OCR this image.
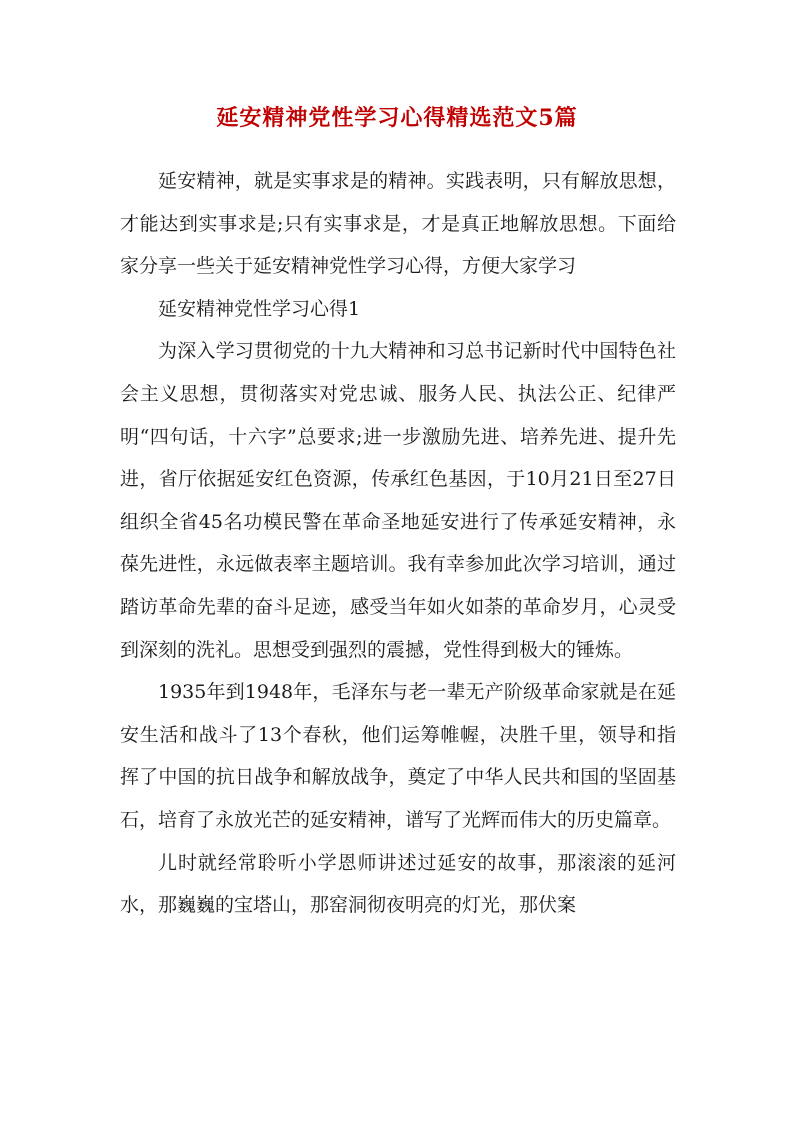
延安精神党性学习心得精选范文5篇

延安精神，就是实事求是的精神。实践表明，只有解放思想，才能达到实事求是;只有实事求是，才是真正地解放思想。下面给家分享一些关于延安精神党性学习心得，方便大家学习

延安精神党性学习心得1

为深入学习贯彻党的十九大精神和习总书记新时代中国特色社会主义思想，贯彻落实对党忠诚、服务人民、执法公正、纪律严明“四句话，十六字”总要求;进一步激励先进、培养先进、提升先进，省厅依据延安红色资源，传承红色基因，于10月21日至27日组织全省45名功模民警在革命圣地延安进行了传承延安精神，永葆先进性，永远做表率主题培训。我有幸参加此次学习培训，通过踏访革命先辈的奋斗足迹，感受当年如火如荼的革命岁月，心灵受到深刻的洗礼。思想受到强烈的震撼，党性得到极大的锤炼。

1935年到1948年，毛泽东与老一辈无产阶级革命家就是在延安生活和战斗了13个春秋，他们运筹帷幄，决胜千里，领导和指挥了中国的抗日战争和解放战争，奠定了中华人民共和国的坚固基石，培育了永放光芒的延安精神，谱写了光辉而伟大的历史篇章。

儿时就经常聆听小学恩师讲述过延安的故事，那滚滚的延河水，那巍巍的宝塔山，那窑洞彻夜明亮的灯光，那伏案
